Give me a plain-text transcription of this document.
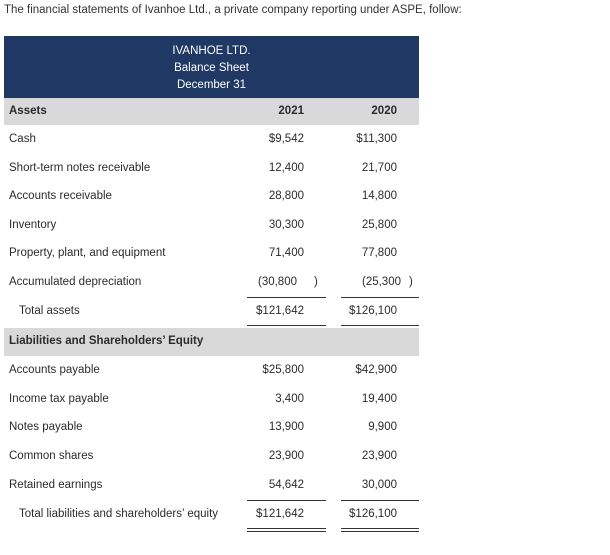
The financial statements of Ivanhoe Ltd., a private company reporting under ASPE, follow:
IVANHOE LTD.
Balance Sheet
December 31
Assets	2021	2020
Cash	$9,542	$11,300
Short-term notes receivable	12,400	21,700
Accounts receivable	28,800	14,800
Inventory	30,300	25,800
Property, plant, and equipment	71,400	77,800
Accumulated depreciation	(30,800 )	(25,300 )
Total assets	$121,642	$126,100
Liabilities and Shareholders’ Equity
Accounts payable	$25,800	$42,900
Income tax payable	3,400	19,400
Notes payable	13,900	9,900
Common shares	23,900	23,900
Retained earnings	54,642	30,000
Total liabilities and shareholders’ equity	$121,642	$126,100
